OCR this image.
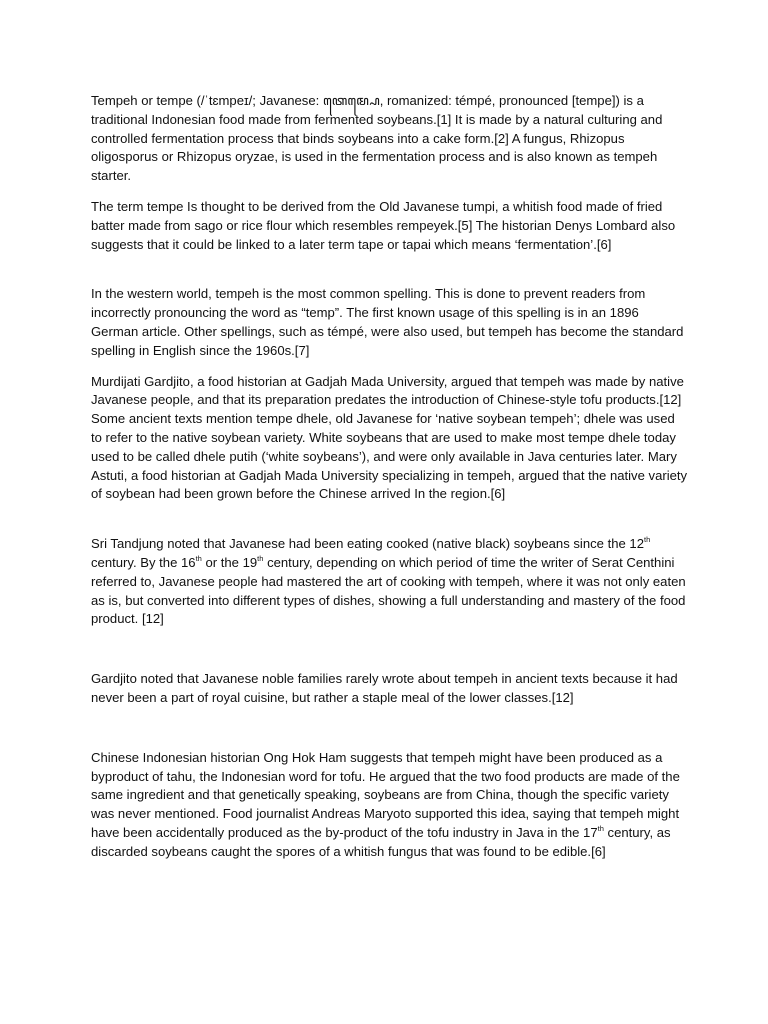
Tempeh or tempe (/ˈtɛmpeɪ/; Javanese: ꦠꦺꦩ꧀ꦥꦺ, romanized: témpé, pronounced [tempe]) is a traditional Indonesian food made from fermented soybeans.[1] It is made by a natural culturing and controlled fermentation process that binds soybeans into a cake form.[2] A fungus, Rhizopus oligosporus or Rhizopus oryzae, is used in the fermentation process and is also known as tempeh starter.

The term tempe Is thought to be derived from the Old Javanese tumpi, a whitish food made of fried batter made from sago or rice flour which resembles rempeyek.[5] The historian Denys Lombard also suggests that it could be linked to a later term tape or tapai which means ‘fermentation’.[6]

In the western world, tempeh is the most common spelling. This is done to prevent readers from incorrectly pronouncing the word as “temp”. The first known usage of this spelling is in an 1896 German article. Other spellings, such as témpé, were also used, but tempeh has become the standard spelling in English since the 1960s.[7]

Murdijati Gardjito, a food historian at Gadjah Mada University, argued that tempeh was made by native Javanese people, and that its preparation predates the introduction of Chinese-style tofu products.[12] Some ancient texts mention tempe dhele, old Javanese for ‘native soybean tempeh’; dhele was used to refer to the native soybean variety. White soybeans that are used to make most tempe dhele today used to be called dhele putih (‘white soybeans’), and were only available in Java centuries later. Mary Astuti, a food historian at Gadjah Mada University specializing in tempeh, argued that the native variety of soybean had been grown before the Chinese arrived In the region.[6]

Sri Tandjung noted that Javanese had been eating cooked (native black) soybeans since the 12th century. By the 16th or the 19th century, depending on which period of time the writer of Serat Centhini referred to, Javanese people had mastered the art of cooking with tempeh, where it was not only eaten as is, but converted into different types of dishes, showing a full understanding and mastery of the food product. [12]

Gardjito noted that Javanese noble families rarely wrote about tempeh in ancient texts because it had never been a part of royal cuisine, but rather a staple meal of the lower classes.[12]

Chinese Indonesian historian Ong Hok Ham suggests that tempeh might have been produced as a byproduct of tahu, the Indonesian word for tofu. He argued that the two food products are made of the same ingredient and that genetically speaking, soybeans are from China, though the specific variety was never mentioned. Food journalist Andreas Maryoto supported this idea, saying that tempeh might have been accidentally produced as the by-product of the tofu industry in Java in the 17th century, as discarded soybeans caught the spores of a whitish fungus that was found to be edible.[6]
